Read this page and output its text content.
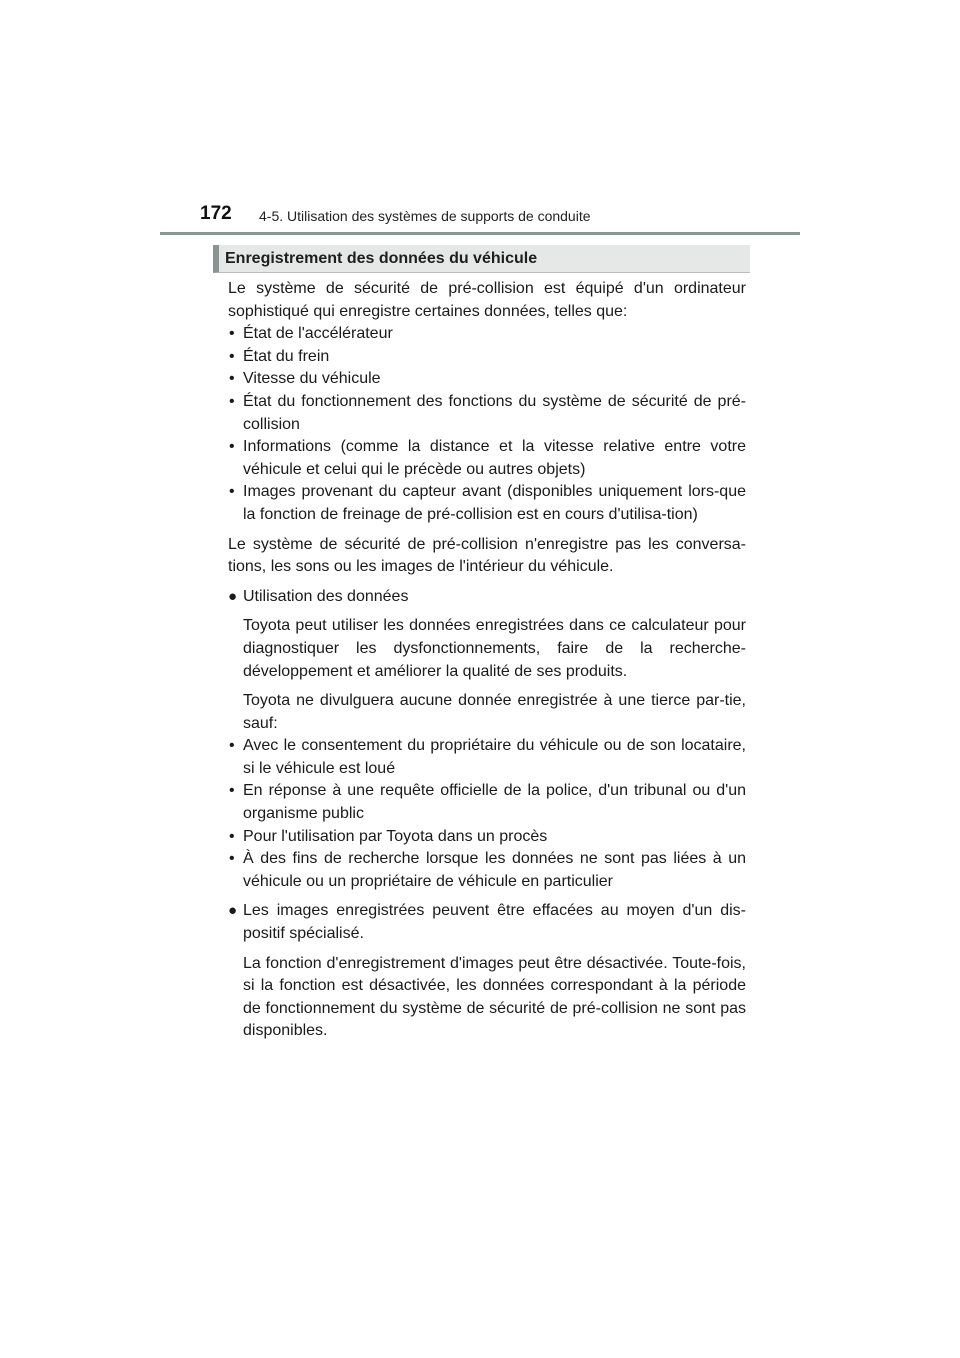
172 4-5. Utilisation des systèmes de supports de conduite
Enregistrement des données du véhicule

Le système de sécurité de pré-collision est équipé d'un ordinateur sophistiqué qui enregistre certaines données, telles que:

• État de l'accélérateur
• État du frein
• Vitesse du véhicule
• État du fonctionnement des fonctions du système de sécurité de pré-collision
• Informations (comme la distance et la vitesse relative entre votre véhicule et celui qui le précède ou autres objets)
• Images provenant du capteur avant (disponibles uniquement lors-que la fonction de freinage de pré-collision est en cours d'utilisa-tion)

Le système de sécurité de pré-collision n'enregistre pas les conversa-tions, les sons ou les images de l'intérieur du véhicule.

● Utilisation des données

Toyota peut utiliser les données enregistrées dans ce calculateur pour diagnostiquer les dysfonctionnements, faire de la recherche-développement et améliorer la qualité de ses produits.

Toyota ne divulguera aucune donnée enregistrée à une tierce par-tie, sauf:

• Avec le consentement du propriétaire du véhicule ou de son locataire, si le véhicule est loué
• En réponse à une requête officielle de la police, d'un tribunal ou d'un organisme public
• Pour l'utilisation par Toyota dans un procès
• À des fins de recherche lorsque les données ne sont pas liées à un véhicule ou un propriétaire de véhicule en particulier
● Les images enregistrées peuvent être effacées au moyen d'un dis-positif spécialisé.

La fonction d'enregistrement d'images peut être désactivée. Toute-fois, si la fonction est désactivée, les données correspondant à la période de fonctionnement du système de sécurité de pré-collision ne sont pas disponibles.
